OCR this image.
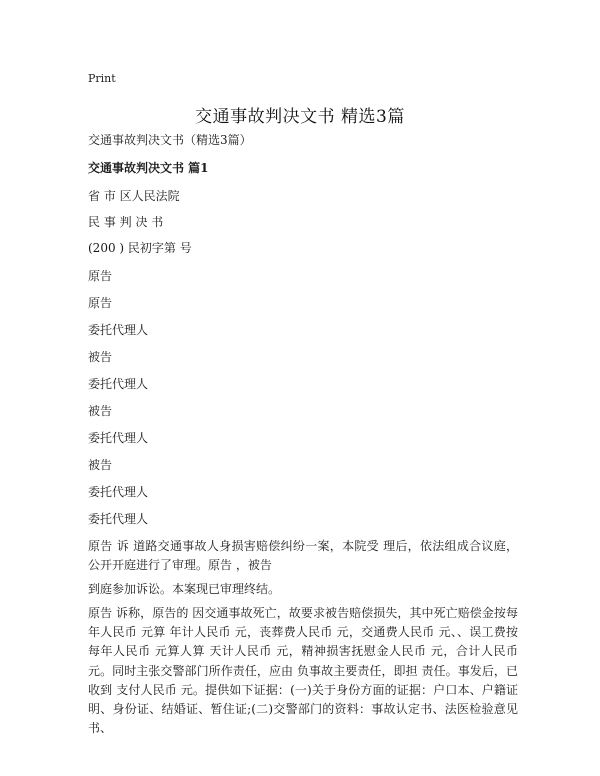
Print
交通事故判决文书 精选3篇
交通事故判决文书（精选3篇）
交通事故判决文书 篇1
省 市 区人民法院
民 事 判 决 书
(200 ) 民初字第 号
原告
原告
委托代理人
被告
委托代理人
被告
委托代理人
被告
委托代理人
委托代理人
原告 诉 道路交通事故人身损害赔偿纠纷一案，本院受 理后，依法组成合议庭，公开开庭进行了审理。原告 ，被告
到庭参加诉讼。本案现已审理终结。
原告 诉称，原告的 因交通事故死亡，故要求被告赔偿损失，其中死亡赔偿金按每年人民币 元算 年计人民币 元，丧葬费人民币 元，交通费人民币 元、、误工费按每年人民币 元算人算 天计人民币 元，精神损害抚慰金人民币 元，合计人民币 元。同时主张交警部门所作责任，应由 负事故主要责任，即担 责任。事发后，已收到 支付人民币 元。提供如下证据：(一)关于身份方面的证据：户口本、户籍证明、身份证、结婚证、暂住证;(二)交警部门的资料：事故认定书、法医检验意见书、
